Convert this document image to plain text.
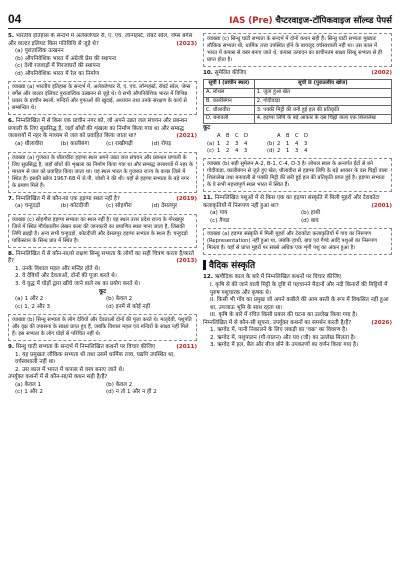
04	IAS (Pre) चैप्टरवाइज-टॉपिकवाइज सॉल्व्ड पेपर्स
5. भारतीय इतिहास के सन्दर्भ में अलेक्जेण्डर री, ए. एच. लॉन्गहर्स्ट, रॉबर्ट स्वेल, जेम्स बर्गेस और वाल्टर इलियट किस गतिविधि से जुड़े थे?	(2023)
(a) पुरातात्विक उत्खनन
(b) औपनिवेशिक भारत में अंग्रेजी प्रेस की स्थापना
(c) देशी रजवाड़ों में गिरजाघरों की स्थापना
(d) औपनिवेशिक भारत में रेल का निर्माण
व्याख्या (a) भारतीय इतिहास के सन्दर्भ में, अलेक्जेण्डर री, ए. एच. लॉन्गहर्स्ट, रॉबर्ट स्वेल, जेम्स बर्गेस और वाल्टर इलियट पुरातात्विक उत्खनन से जुड़े थे। ये सभी औपनिवेशिक भारत में विभिन्न प्रकार के प्राचीन स्थलों, मन्दिरों और गुफाओं की खुदाई, अध्ययन तथा उनके संरक्षण के कार्य से सम्बन्धित थे।
6. निम्नलिखित में से किस एक प्राचीन नगर को, जो अपने उन्नत जल संचयन और प्रबन्धन प्रणाली के लिए सुप्रसिद्ध है, जहाँ बाँधों की शृंखला का निर्माण किया गया था और सम्बद्ध जलाशयों में नहर के माध्यम से जल को प्रवाहित किया जाता था?	(2021)
(a) धौलावीरा	(b) कालीबंगा	(c) राखीगढ़ी	(d) रोपड़
व्याख्या (a) गुजरात के धौलावीरा हड़प्पा स्थल अपने उन्नत जल संचयन और प्रबन्धन प्रणाली के लिए सुप्रसिद्ध है, जहाँ बाँधों की शृंखला का निर्माण किया गया था और सम्बद्ध जलाशयों में नहर के माध्यम से जल को प्रवाहित किया जाता था। यह स्थल भारत के गुजरात राज्य के कच्छ जिले में स्थित है। इसकी खोज 1967-68 में जे.पी. जोशी ने की थी। यहाँ से हड़प्पा सभ्यता के बड़े नगर के प्रमाण मिले हैं।
7. निम्नलिखित में से कौन-सा एक हड़प्पा स्थल नहीं है?	(2019)
(a) चन्हुदड़ो	(b) कोटदीजी	(c) सोहगौरा	(d) देसलपुर
व्याख्या (c) सोहगौरा हड़प्पा सभ्यता का स्थल नहीं है। यह स्थल उत्तर प्रदेश राज्य के गोरखपुर जिले में स्थित मौर्यकालीन लेखन कला की जानकारी का प्रमाणित स्थल माना जाता है, जिसकी लिपि ब्राह्मी है। अन्य सभी चन्हुदड़ो, कोटदीजी और देसलपुर हड़प्पा सभ्यता के स्थल हैं। चन्हुदड़ो पाकिस्तान के सिन्ध प्रांत में स्थित है।
8. निम्नलिखित में से कौन-सा/से लक्षण सिन्धु सभ्यता के लोगों का सही चित्रण करता है/करते हैं?	(2013)
1. उनके विशाल महल और मन्दिर होते थे।
2. वे देवियों और देवताओं, दोनों की पूजा करते थे।
3. वे युद्ध में घोड़ों द्वारा खींचे जाने वाले रथ का प्रयोग करते थे।
कूट
(a) 1 और 2	(b) केवल 2
(c) 1, 2 और 3	(d) इनमें से कोई नहीं
व्याख्या (b) सिन्धु सभ्यता के लोग देवियों और देवताओं दोनों की पूजा करते थे। मातृदेवी, पशुपति और वृक्ष की उपासना के साक्ष्य प्राप्त हुए हैं, जबकि विशाल महल एवं मन्दिरों के साक्ष्य नहीं मिले हैं। इस सभ्यता के लोग घोड़ों से परिचित नहीं थे।
9. सिन्धु घाटी सभ्यता के सन्दर्भ में निम्नलिखित कथनों पर विचार कीजिए	(2011)
1. यह प्रमुखतः लौकिक सभ्यता थी तथा उसमें धार्मिक तत्त्व, यद्यपि उपस्थित था, वर्चस्वशाली नहीं था।
2. उस काल में भारत में कपास से वस्त्र बनाए जाते थे।
उपर्युक्त कथनों में से कौन-सा/से कथन सही है/हैं?
(a) केवल 1	(b) केवल 2
(c) 1 और 2	(d) न तो 1 और न ही 2
व्याख्या (c) सिन्धु घाटी सभ्यता के सन्दर्भ में दोनों कथन सही हैं। सिन्धु घाटी सभ्यता मुख्यतः लौकिक सभ्यता थी, धार्मिक तत्त्व उपस्थित होने के बावजूद वर्चस्वशाली नहीं था। उस काल में भारत में कपास से वस्त्र बनाए जाते थे, कपास उत्पादन का प्राचीनतम साक्ष्य सिन्धु सभ्यता से ही प्राप्त होता है।
10. सुमेलित कीजिए	(2002)
सूची I (प्राचीन स्थल)	सूची II (पुरातत्वीय खोज)
A. लोथल	1. जुता हुआ खेत
B. कालीबंगन	2. गोदीवाड़ा
C. धौलावीरा	3. पक्की मिट्टी की बनी हुई हल की प्रतिकृति
D. बनावली	4. हड़प्पा लिपि के बड़े आकार के दस चिह्नों वाला एक शिलालेख
कूट
A	B	C	D	A	B	C	D
(a) 1	2	3	4	(b) 2	1	4	3
(c) 1	2	4	3	(d) 2	1	3	4
व्याख्या (b) सही सुमेलन A-2, B-1, C-4, D-3 है। लोथल स्थल के अन्तर्गत ईंटों से बने गोदीवाड़ा, कालीबंगन से जुते हुए खेत, धौलावीरा से हड़प्पा लिपि के बड़े आकार के दस चिह्नों वाला शिलालेख तथा बनावली से पक्की मिट्टी की बनी हुई हल की प्रतिकृति प्राप्त हुई है। हड़प्पा सभ्यता के ये सभी महत्त्वपूर्ण स्थल भारत में स्थित हैं।
11. निम्नलिखित पशुओं में से किस एक का हड़प्पा संस्कृति में मिली मुहरों और टेराकोटा कलाकृतियों में निरूपण नहीं हुआ था?	(2001)
(a) गाय	(b) हाथी
(c) गैण्डा	(d) बाघ
व्याख्या (a) हड़प्पा संस्कृति में मिली मुहरों और टेराकोटा कलाकृतियों में गाय का निरूपण (Representation) नहीं हुआ था, जबकि हाथी, बाघ एवं गैण्डे आदि पशुओं का निरूपण मिलता है। यहाँ से प्राप्त मुहरों पर सबसे अधिक एक शृंगी पशु का अंकन हुआ है।
वैदिक संस्कृति
12. ऋग्वैदिक काल के बारे में निम्नलिखित कथनों पर विचार कीजिए
I. कृषि से की जाने वाली मिट्टी के दृष्टि से पहचानने मैदानों और नदी किनारों की मिट्टियों में पुरुष पशुचारक और कृषक थे।
II. किसी भी गाँव का प्रमुख जो अपने कबीले की आम बस्ती के रूप में विकसित नहीं हुआ था, उपजाऊ भूमि के साथ रहता था।
III. कृषि के बारे में रचित किसी प्रकार की घटना का उल्लेख किया गया है।
निम्नलिखित में से कौन-सी सूचना, उपर्युक्त कथनों का समर्थन करती है/हैं?	(2026)
1. ऋग्वेद में, पानी निकालने के लिए लकड़ी का 'चक्र' का विवरण है।
2. ऋग्वेद में, पशुपालन (गौ-पालन) और यव (जौ) का उल्लेख मिलता है।
3. ऋग्वेद में हल, बैल और बीज बोने के उपकरणों का वर्णन किया गया है।
